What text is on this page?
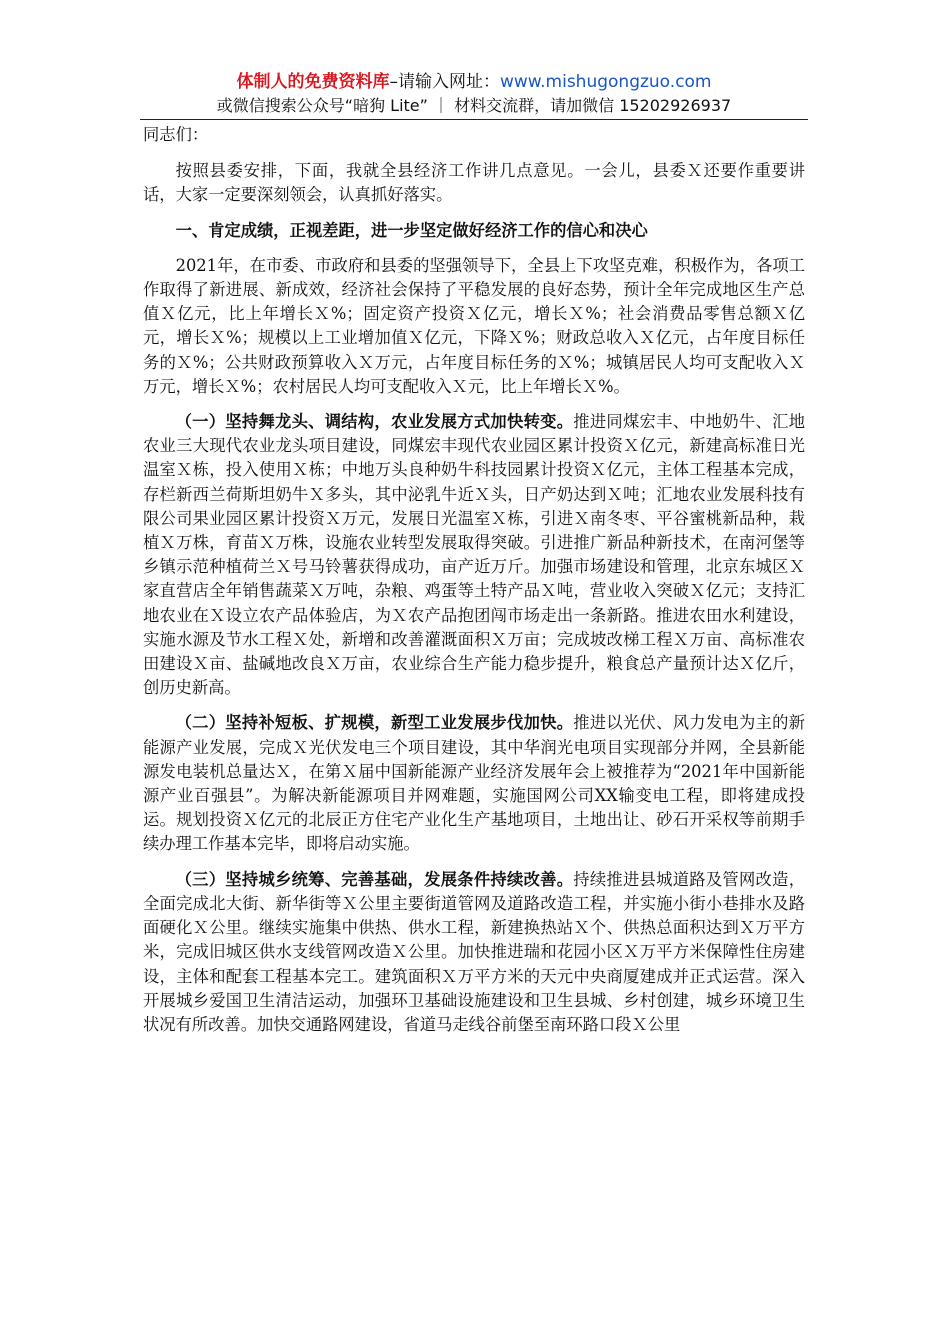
体制人的免费资料库–请输入网址：www.mishugongzuo.com
或微信搜索公众号“暗狗 Lite” ｜ 材料交流群，请加微信 15202926937

同志们：

按照县委安排，下面，我就全县经济工作讲几点意见。一会儿，县委Ｘ还要作重要讲话，大家一定要深刻领会，认真抓好落实。

一、肯定成绩，正视差距，进一步坚定做好经济工作的信心和决心

2021年，在市委、市政府和县委的坚强领导下，全县上下攻坚克难，积极作为，各项工作取得了新进展、新成效，经济社会保持了平稳发展的良好态势，预计全年完成地区生产总值Ｘ亿元，比上年增长Ｘ%；固定资产投资Ｘ亿元，增长Ｘ%；社会消费品零售总额Ｘ亿元，增长Ｘ%；规模以上工业增加值Ｘ亿元，下降Ｘ%；财政总收入Ｘ亿元，占年度目标任务的Ｘ%；公共财政预算收入Ｘ万元，占年度目标任务的Ｘ%；城镇居民人均可支配收入Ｘ万元，增长Ｘ%；农村居民人均可支配收入Ｘ元，比上年增长Ｘ%。

（一）坚持舞龙头、调结构，农业发展方式加快转变。推进同煤宏丰、中地奶牛、汇地农业三大现代农业龙头项目建设，同煤宏丰现代农业园区累计投资Ｘ亿元，新建高标准日光温室Ｘ栋，投入使用Ｘ栋；中地万头良种奶牛科技园累计投资Ｘ亿元，主体工程基本完成，存栏新西兰荷斯坦奶牛Ｘ多头，其中泌乳牛近Ｘ头，日产奶达到Ｘ吨；汇地农业发展科技有限公司果业园区累计投资Ｘ万元，发展日光温室Ｘ栋，引进Ｘ南冬枣、平谷蜜桃新品种，栽植Ｘ万株，育苗Ｘ万株，设施农业转型发展取得突破。引进推广新品种新技术，在南河堡等乡镇示范种植荷兰Ｘ号马铃薯获得成功，亩产近万斤。加强市场建设和管理，北京东城区Ｘ家直营店全年销售蔬菜Ｘ万吨，杂粮、鸡蛋等土特产品Ｘ吨，营业收入突破Ｘ亿元；支持汇地农业在Ｘ设立农产品体验店，为Ｘ农产品抱团闯市场走出一条新路。推进农田水利建设，实施水源及节水工程Ｘ处，新增和改善灌溉面积Ｘ万亩；完成坡改梯工程Ｘ万亩、高标准农田建设Ｘ亩、盐碱地改良Ｘ万亩，农业综合生产能力稳步提升，粮食总产量预计达Ｘ亿斤，创历史新高。

（二）坚持补短板、扩规模，新型工业发展步伐加快。推进以光伏、风力发电为主的新能源产业发展，完成Ｘ光伏发电三个项目建设，其中华润光电项目实现部分并网，全县新能源发电装机总量达Ｘ，在第Ｘ届中国新能源产业经济发展年会上被推荐为“2021年中国新能源产业百强县”。为解决新能源项目并网难题，实施国网公司XX输变电工程，即将建成投运。规划投资Ｘ亿元的北辰正方住宅产业化生产基地项目，土地出让、砂石开采权等前期手续办理工作基本完毕，即将启动实施。

（三）坚持城乡统筹、完善基础，发展条件持续改善。持续推进县城道路及管网改造，全面完成北大街、新华街等Ｘ公里主要街道管网及道路改造工程，并实施小街小巷排水及路面硬化Ｘ公里。继续实施集中供热、供水工程，新建换热站Ｘ个、供热总面积达到Ｘ万平方米，完成旧城区供水支线管网改造Ｘ公里。加快推进瑞和花园小区Ｘ万平方米保障性住房建设，主体和配套工程基本完工。建筑面积Ｘ万平方米的天元中央商厦建成并正式运营。深入开展城乡爱国卫生清洁运动，加强环卫基础设施建设和卫生县城、乡村创建，城乡环境卫生状况有所改善。加快交通路网建设，省道马走线谷前堡至南环路口段Ｘ公里
